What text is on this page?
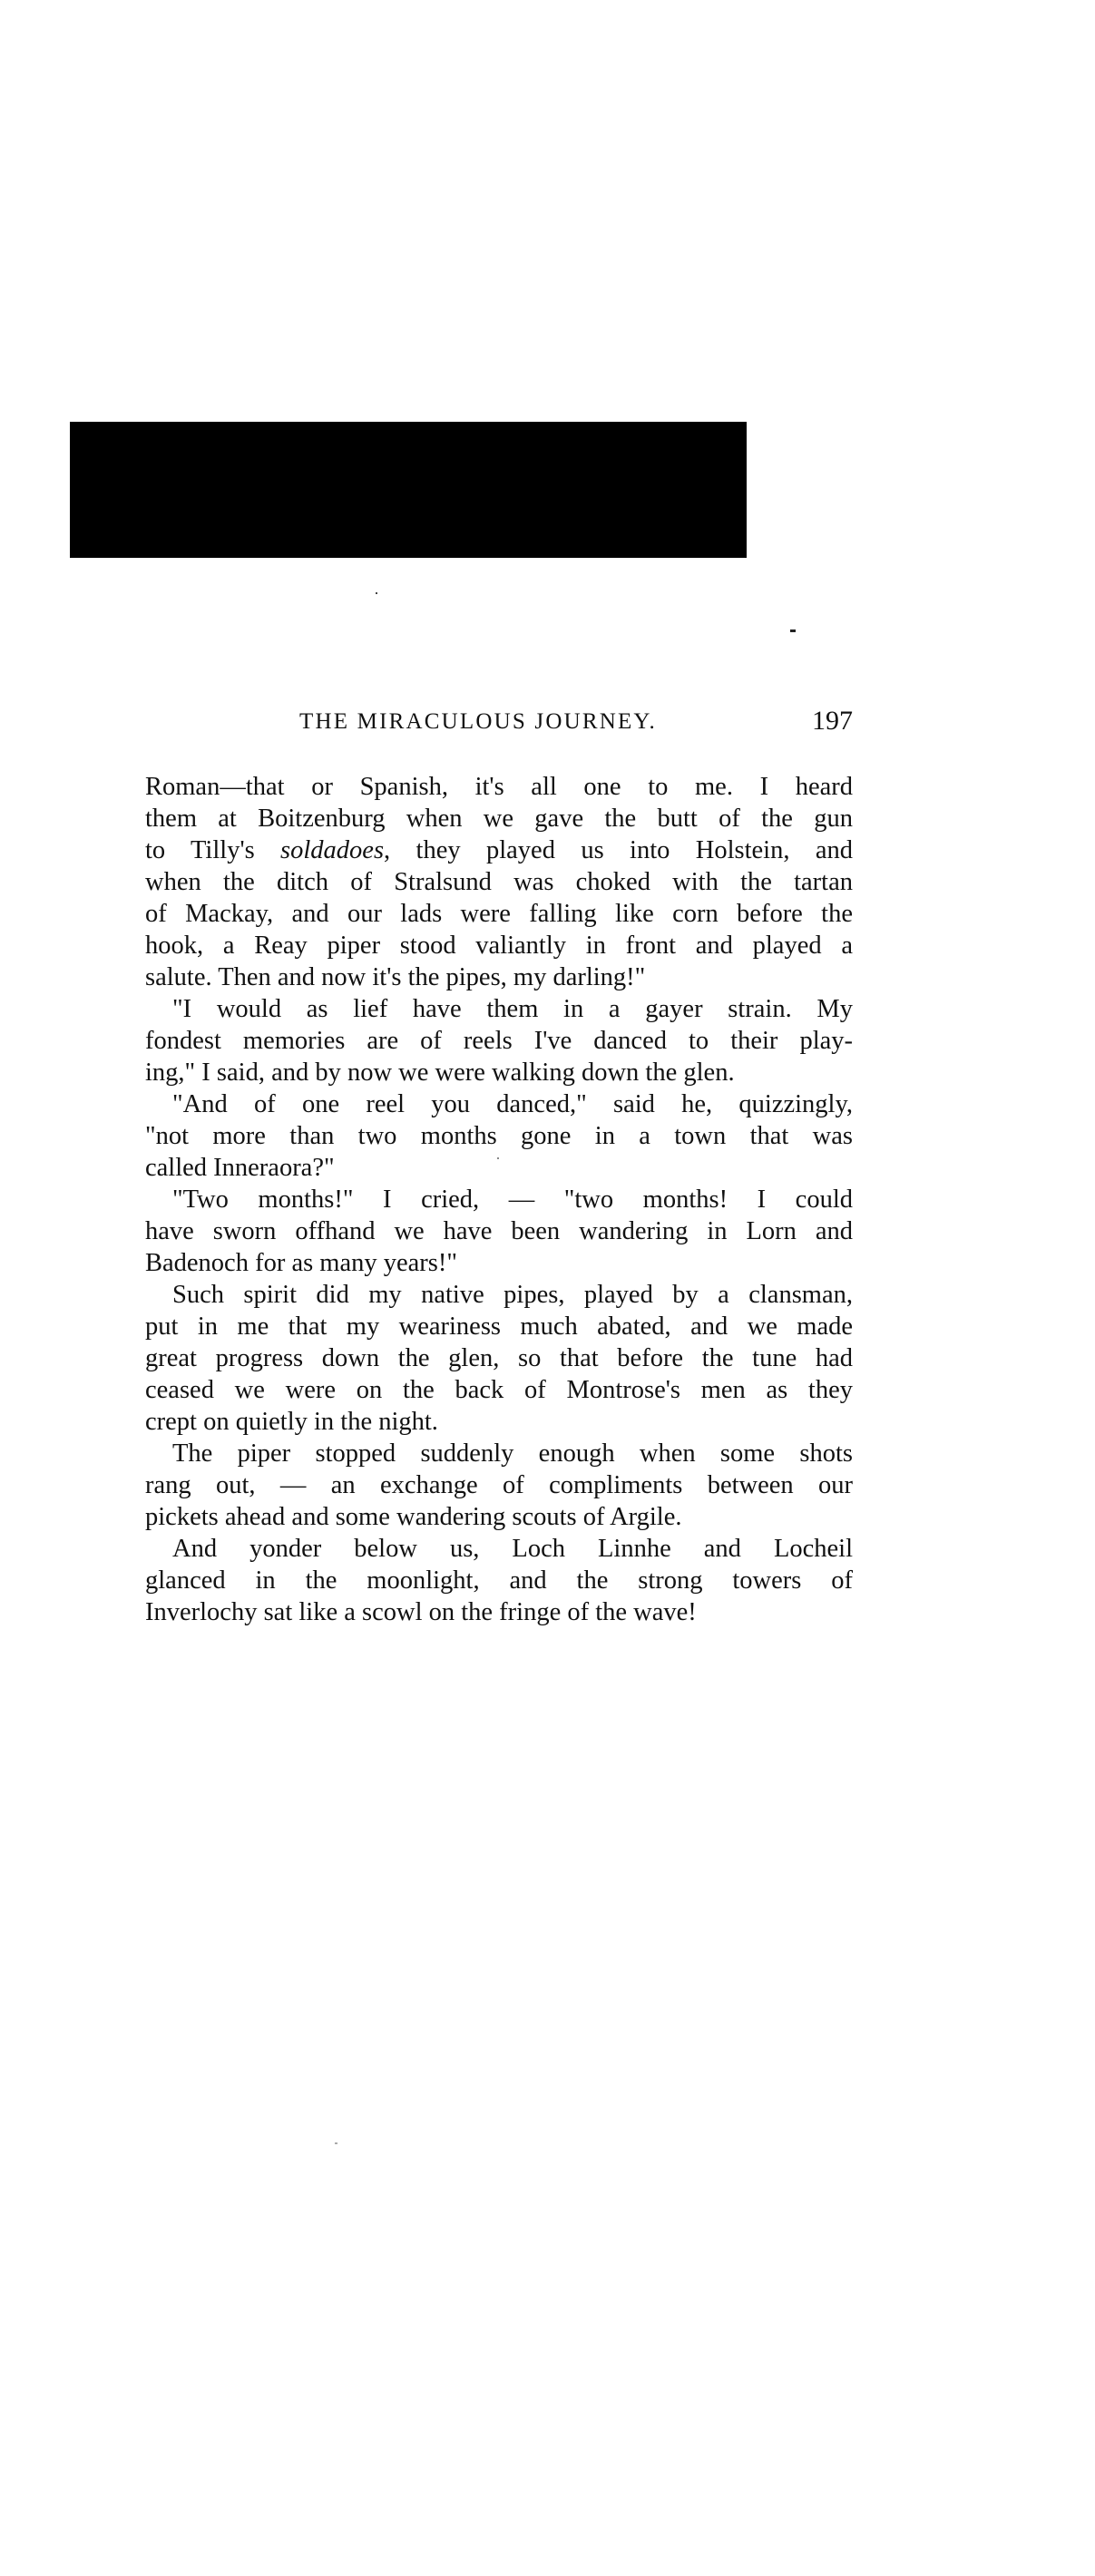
THE MIRACULOUS JOURNEY.	197

Roman—that or Spanish, it's all one to me. I heard

them at Boitzenburg when we gave the butt of the gun

to Tilly's soldadoes, they played us into Holstein, and

when the ditch of Stralsund was choked with the tartan

of Mackay, and our lads were falling like corn before the

hook, a Reay piper stood valiantly in front and played a

salute. Then and now it's the pipes, my darling!"

"I would as lief have them in a gayer strain. My

fondest memories are of reels I've danced to their play-

ing," I said, and by now we were walking down the glen.

"And of one reel you danced," said he, quizzingly,

"not more than two months gone in a town that was

called Inneraora?"

"Two months!" I cried, — "two months! I could

have sworn offhand we have been wandering in Lorn and

Badenoch for as many years!"

Such spirit did my native pipes, played by a clansman,

put in me that my weariness much abated, and we made

great progress down the glen, so that before the tune had

ceased we were on the back of Montrose's men as they

crept on quietly in the night.

The piper stopped suddenly enough when some shots

rang out, — an exchange of compliments between our

pickets ahead and some wandering scouts of Argile.

And yonder below us, Loch Linnhe and Locheil

glanced in the moonlight, and the strong towers of

Inverlochy sat like a scowl on the fringe of the wave!
